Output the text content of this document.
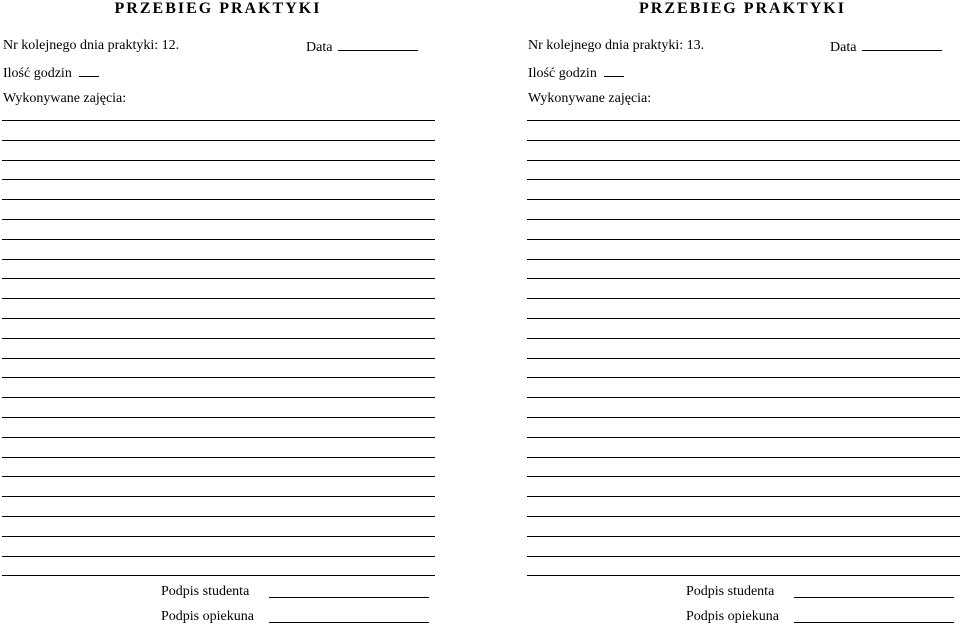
PRZEBIEG PRAKTYKI
Nr kolejnego dnia praktyki: 12.	Data
Ilość godzin
Wykonywane zajęcia:
Podpis studenta
Podpis opiekuna
PRZEBIEG PRAKTYKI
Nr kolejnego dnia praktyki: 13.	Data
Ilość godzin
Wykonywane zajęcia:
Podpis studenta
Podpis opiekuna
